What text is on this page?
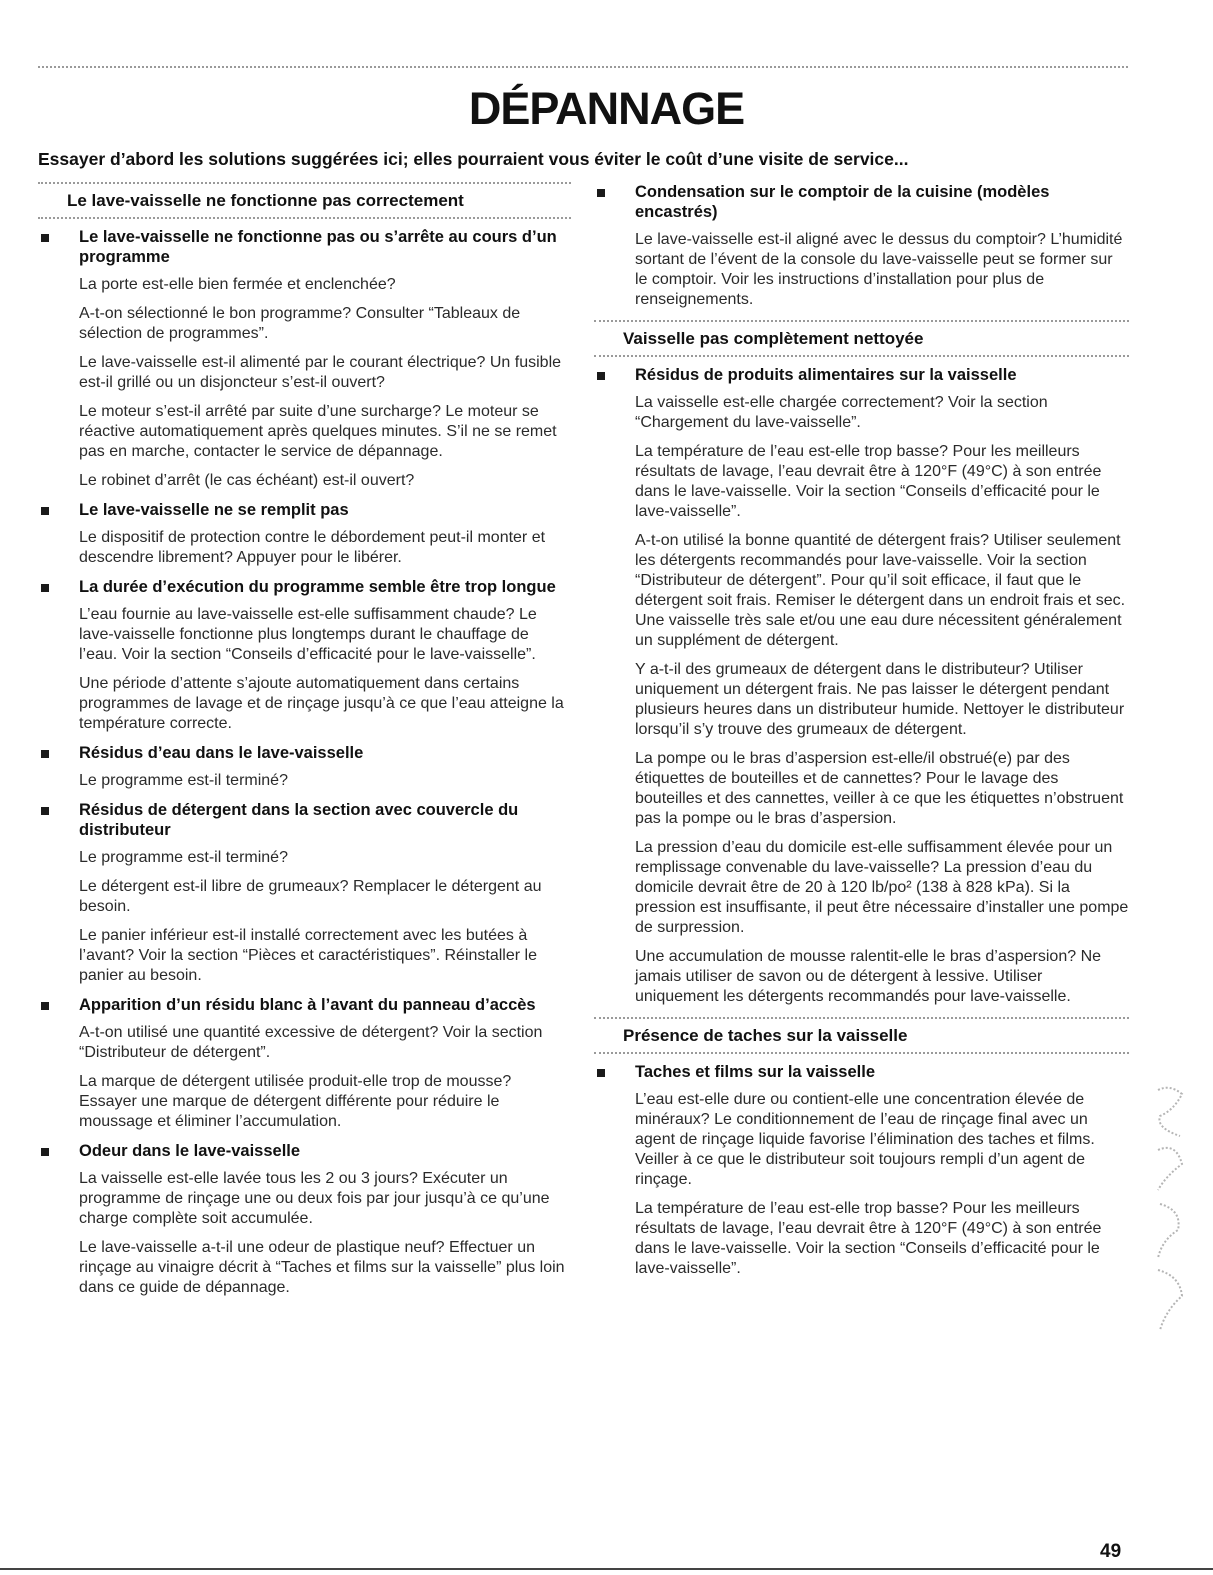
DÉPANNAGE
Essayer d’abord les solutions suggérées ici; elles pourraient vous éviter le coût d’une visite de service...
Le lave-vaisselle ne fonctionne pas correctement
Le lave-vaisselle ne fonctionne pas ou s’arrête au cours d’un programme

La porte est-elle bien fermée et enclenchée?

A-t-on sélectionné le bon programme? Consulter “Tableaux de sélection de programmes”.

Le lave-vaisselle est-il alimenté par le courant électrique? Un fusible est-il grillé ou un disjoncteur s’est-il ouvert?

Le moteur s’est-il arrêté par suite d’une surcharge? Le moteur se réactive automatiquement après quelques minutes. S’il ne se remet pas en marche, contacter le service de dépannage.

Le robinet d’arrêt (le cas échéant) est-il ouvert?

Le lave-vaisselle ne se remplit pas

Le dispositif de protection contre le débordement peut-il monter et descendre librement? Appuyer pour le libérer.

La durée d’exécution du programme semble être trop longue

L’eau fournie au lave-vaisselle est-elle suffisamment chaude? Le lave-vaisselle fonctionne plus longtemps durant le chauffage de l’eau. Voir la section “Conseils d’efficacité pour le lave-vaisselle”.

Une période d’attente s’ajoute automatiquement dans certains programmes de lavage et de rinçage jusqu’à ce que l’eau atteigne la température correcte.

Résidus d’eau dans le lave-vaisselle

Le programme est-il terminé?

Résidus de détergent dans la section avec couvercle du distributeur

Le programme est-il terminé?

Le détergent est-il libre de grumeaux? Remplacer le détergent au besoin.

Le panier inférieur est-il installé correctement avec les butées à l’avant? Voir la section “Pièces et caractéristiques”. Réinstaller le panier au besoin.

Apparition d’un résidu blanc à l’avant du panneau d’accès

A-t-on utilisé une quantité excessive de détergent? Voir la section “Distributeur de détergent”.

La marque de détergent utilisée produit-elle trop de mousse? Essayer une marque de détergent différente pour réduire le moussage et éliminer l’accumulation.

Odeur dans le lave-vaisselle

La vaisselle est-elle lavée tous les 2 ou 3 jours? Exécuter un programme de rinçage une ou deux fois par jour jusqu’à ce qu’une charge complète soit accumulée.

Le lave-vaisselle a-t-il une odeur de plastique neuf? Effectuer un rinçage au vinaigre décrit à “Taches et films sur la vaisselle” plus loin dans ce guide de dépannage.

Condensation sur le comptoir de la cuisine (modèles encastrés)

Le lave-vaisselle est-il aligné avec le dessus du comptoir? L’humidité sortant de l’évent de la console du lave-vaisselle peut se former sur le comptoir. Voir les instructions d’installation pour plus de renseignements.

Vaisselle pas complètement nettoyée
Résidus de produits alimentaires sur la vaisselle

La vaisselle est-elle chargée correctement? Voir la section “Chargement du lave-vaisselle”.

La température de l’eau est-elle trop basse? Pour les meilleurs résultats de lavage, l’eau devrait être à 120°F (49°C) à son entrée dans le lave-vaisselle. Voir la section “Conseils d’efficacité pour le lave-vaisselle”.

A-t-on utilisé la bonne quantité de détergent frais? Utiliser seulement les détergents recommandés pour lave-vaisselle. Voir la section “Distributeur de détergent”. Pour qu’il soit efficace, il faut que le détergent soit frais. Remiser le détergent dans un endroit frais et sec. Une vaisselle très sale et/ou une eau dure nécessitent généralement un supplément de détergent.

Y a-t-il des grumeaux de détergent dans le distributeur? Utiliser uniquement un détergent frais. Ne pas laisser le détergent pendant plusieurs heures dans un distributeur humide. Nettoyer le distributeur lorsqu’il s’y trouve des grumeaux de détergent.

La pompe ou le bras d’aspersion est-elle/il obstrué(e) par des étiquettes de bouteilles et de cannettes? Pour le lavage des bouteilles et des cannettes, veiller à ce que les étiquettes n’obstruent pas la pompe ou le bras d’aspersion.

La pression d’eau du domicile est-elle suffisamment élevée pour un remplissage convenable du lave-vaisselle? La pression d’eau du domicile devrait être de 20 à 120 lb/po² (138 à 828 kPa). Si la pression est insuffisante, il peut être nécessaire d’installer une pompe de surpression.

Une accumulation de mousse ralentit-elle le bras d’aspersion? Ne jamais utiliser de savon ou de détergent à lessive. Utiliser uniquement les détergents recommandés pour lave-vaisselle.

Présence de taches sur la vaisselle
Taches et films sur la vaisselle

L’eau est-elle dure ou contient-elle une concentration élevée de minéraux? Le conditionnement de l’eau de rinçage final avec un agent de rinçage liquide favorise l’élimination des taches et films. Veiller à ce que le distributeur soit toujours rempli d’un agent de rinçage.

La température de l’eau est-elle trop basse? Pour les meilleurs résultats de lavage, l’eau devrait être à 120°F (49°C) à son entrée dans le lave-vaisselle. Voir la section “Conseils d’efficacité pour le lave-vaisselle”.

49
